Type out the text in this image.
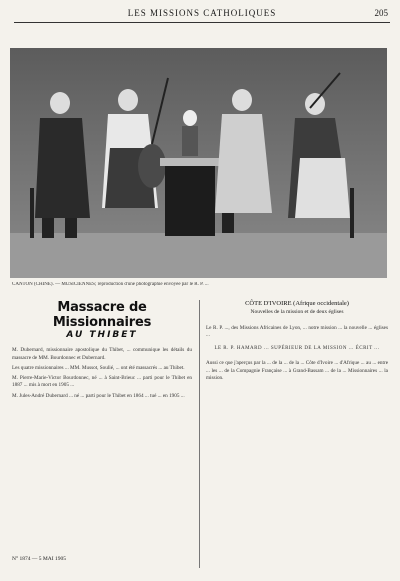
LES MISSIONS CATHOLIQUES	205
CANTON (CHINE). — MUSICIENNES; reproduction d'une photographie envoyée par le R. P. ...
Massacre de Missionnaires
AU THIBET

M. Dubernard, missionnaire apostolique du Thibet, ... communique les détails du massacre de MM. Bourdonnec et Dubernard.

Les quatre missionnaires ... MM. Mussot, Soulié, ... ont été massacrés ... au Thibet.

M. Pierre-Marie-Victor Bourdonnec, né ... à Saint-Brieuc ... parti pour le Thibet en 1887 ... mis à mort en 1905 ...

M. Jules-André Dubernard ... né ... parti pour le Thibet en 1864 ... tué ... en 1905 ...

CÔTE D'IVOIRE (Afrique occidentale)
Nouvelles de la mission et de deux églises

Le R. P. ..., des Missions Africaines de Lyon, ... notre mission ... la nouvelle ... églises ...

LE R. P. HAMARD ... SUPÉRIEUR DE LA MISSION ... ÉCRIT ...

Aussi ce que j'aperçus par la ... de la ... de la ... Côte d'Ivoire ... d'Afrique ... au ... entre ... les ... de la Compagnie Française ... à Grand-Bassam ... de la ... Missionnaires ... la mission.

N° 1874 — 5 MAI 1905
